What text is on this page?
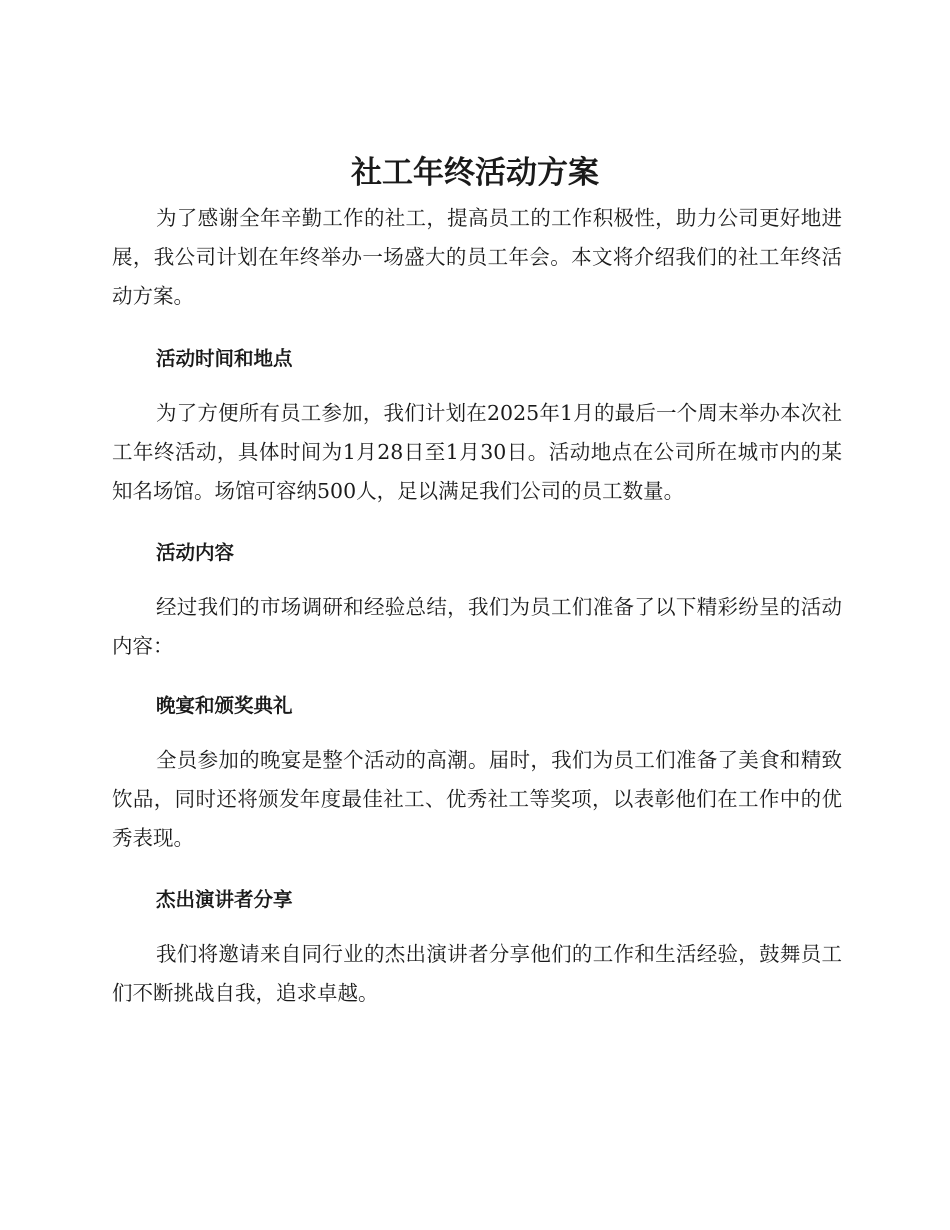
社工年终活动方案

为了感谢全年辛勤工作的社工，提高员工的工作积极性，助力公司更好地进展，我公司计划在年终举办一场盛大的员工年会。本文将介绍我们的社工年终活动方案。

活动时间和地点

为了方便所有员工参加，我们计划在2025年1月的最后一个周末举办本次社工年终活动，具体时间为1月28日至1月30日。活动地点在公司所在城市内的某知名场馆。场馆可容纳500人，足以满足我们公司的员工数量。

活动内容

经过我们的市场调研和经验总结，我们为员工们准备了以下精彩纷呈的活动内容：

晚宴和颁奖典礼

全员参加的晚宴是整个活动的高潮。届时，我们为员工们准备了美食和精致饮品，同时还将颁发年度最佳社工、优秀社工等奖项，以表彰他们在工作中的优秀表现。

杰出演讲者分享

我们将邀请来自同行业的杰出演讲者分享他们的工作和生活经验，鼓舞员工们不断挑战自我，追求卓越。
